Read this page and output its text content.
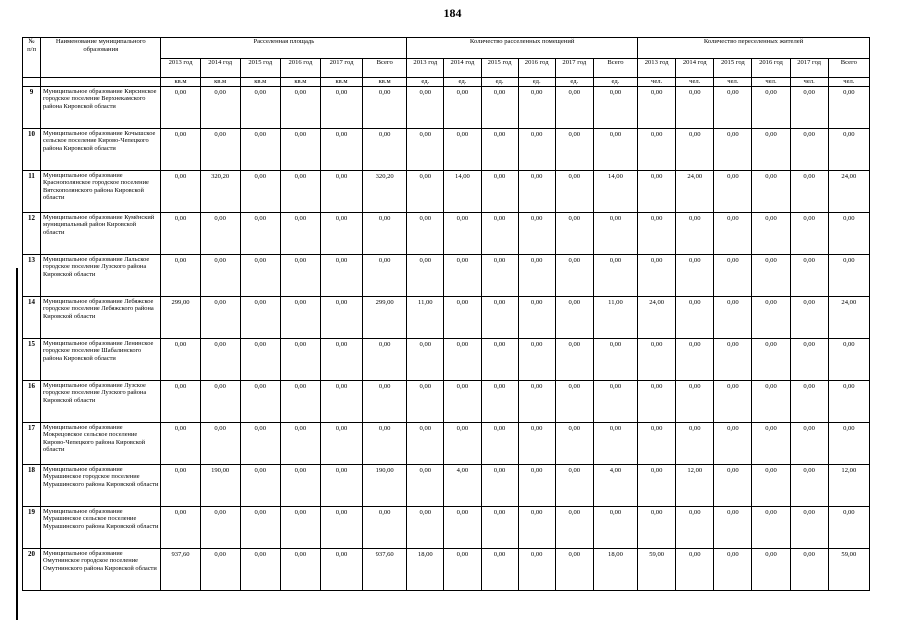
184
№ п/п	Наименование муниципального образования	Расселенная площадь						Количество расселенных помещений						Количество переселенных жителей					
		2013 год	2014 год	2015 год	2016 год	2017 год	Всего	2013 год	2014 год	2015 год	2016 год	2017 год	Всего	2013 год	2014 год	2015 год	2016 год	2017 год	Всего
		кв.м	кв.м	кв.м	кв.м	кв.м	кв.м	ед.	ед.	ед.	ед.	ед.	ед.	чел.	чел.	чел.	чел.	чел.	чел.
9	Муниципальное образование Кирсинское городское поселение Верхнекамского района Кировской области	0,00	0,00	0,00	0,00	0,00	0,00	0,00	0,00	0,00	0,00	0,00	0,00	0,00	0,00	0,00	0,00	0,00	0,00
10	Муниципальное образование Кочышское сельское поселение Кирово-Чепецкого района Кировской области	0,00	0,00	0,00	0,00	0,00	0,00	0,00	0,00	0,00	0,00	0,00	0,00	0,00	0,00	0,00	0,00	0,00	0,00
11	Муниципальное образование Краснополянское городское поселение Вятскополянского района Кировской области	0,00	320,20	0,00	0,00	0,00	320,20	0,00	14,00	0,00	0,00	0,00	14,00	0,00	24,00	0,00	0,00	0,00	24,00
12	Муниципальное образование Кумёнский муниципальный район Кировской области	0,00	0,00	0,00	0,00	0,00	0,00	0,00	0,00	0,00	0,00	0,00	0,00	0,00	0,00	0,00	0,00	0,00	0,00
13	Муниципальное образование Лальское городское поселение Лузского района Кировской области	0,00	0,00	0,00	0,00	0,00	0,00	0,00	0,00	0,00	0,00	0,00	0,00	0,00	0,00	0,00	0,00	0,00	0,00
14	Муниципальное образование Лебяжское городское поселение Лебяжского района Кировской области	299,00	0,00	0,00	0,00	0,00	299,00	11,00	0,00	0,00	0,00	0,00	11,00	24,00	0,00	0,00	0,00	0,00	24,00
15	Муниципальное образование Ленинское городское поселение Шабалинского района Кировской области	0,00	0,00	0,00	0,00	0,00	0,00	0,00	0,00	0,00	0,00	0,00	0,00	0,00	0,00	0,00	0,00	0,00	0,00
16	Муниципальное образование Лузское городское поселение Лузского района Кировской области	0,00	0,00	0,00	0,00	0,00	0,00	0,00	0,00	0,00	0,00	0,00	0,00	0,00	0,00	0,00	0,00	0,00	0,00
17	Муниципальное образование Мокрецовское сельское поселение Кирово-Чепецкого района Кировской области	0,00	0,00	0,00	0,00	0,00	0,00	0,00	0,00	0,00	0,00	0,00	0,00	0,00	0,00	0,00	0,00	0,00	0,00
18	Муниципальное образование Мурашинское городское поселение Мурашинского района Кировской области	0,00	190,00	0,00	0,00	0,00	190,00	0,00	4,00	0,00	0,00	0,00	4,00	0,00	12,00	0,00	0,00	0,00	12,00
19	Муниципальное образование Мурашинское сельское поселение Мурашинского района Кировской области	0,00	0,00	0,00	0,00	0,00	0,00	0,00	0,00	0,00	0,00	0,00	0,00	0,00	0,00	0,00	0,00	0,00	0,00
20	Муниципальное образование Омутнинское городское поселение Омутнинского района Кировской области	937,60	0,00	0,00	0,00	0,00	937,60	18,00	0,00	0,00	0,00	0,00	18,00	59,00	0,00	0,00	0,00	0,00	59,00
